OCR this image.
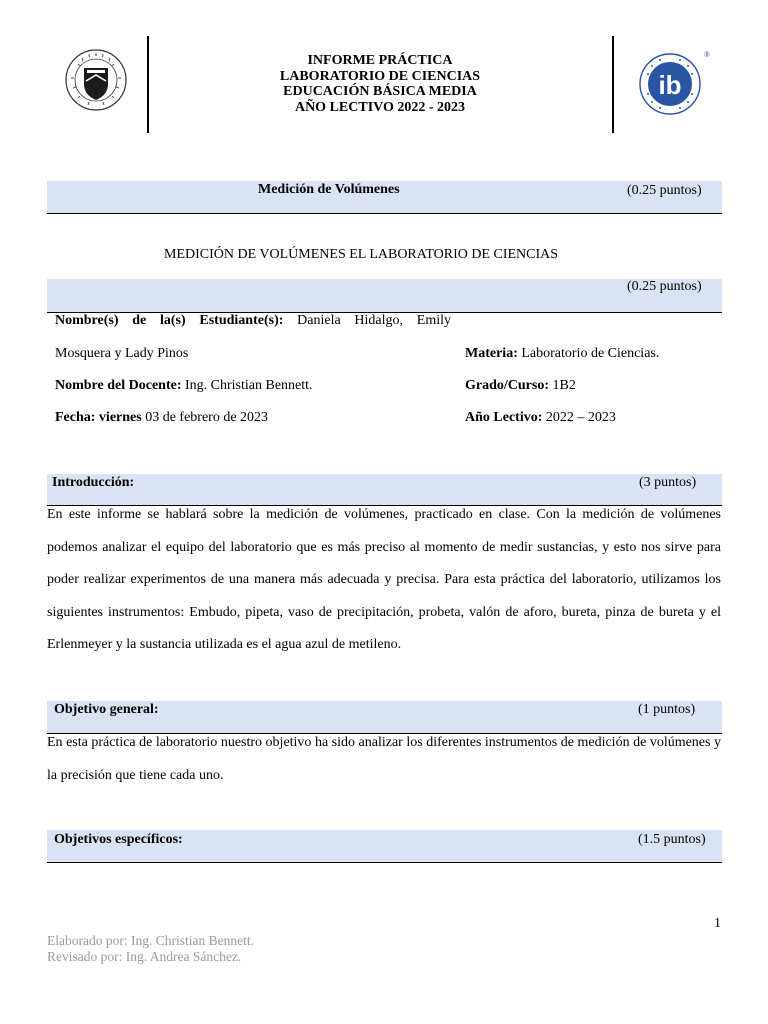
INFORME PRÁCTICA
LABORATORIO DE CIENCIAS
EDUCACIÓN BÁSICA MEDIA
AÑO LECTIVO 2022 - 2023
ib
®
Medición de Volúmenes	(0.25 puntos)
MEDICIÓN DE VOLÚMENES EL LABORATORIO DE CIENCIAS
(0.25 puntos)
Nombre(s) de la(s) Estudiante(s): Daniela Hidalgo, Emily
Mosquera y Lady Pinos
Nombre del Docente: Ing. Christian Bennett.
Fecha: viernes 03 de febrero de 2023
Materia: Laboratorio de Ciencias.
Grado/Curso: 1B2
Año Lectivo: 2022 – 2023
Introducción:	(3 puntos)
En este informe se hablará sobre la medición de volúmenes, practicado en clase. Con la medición de volúmenes podemos analizar el equipo del laboratorio que es más preciso al momento de medir sustancias, y esto nos sirve para poder realizar experimentos de una manera más adecuada y precisa. Para esta práctica del laboratorio, utilizamos los siguientes instrumentos: Embudo, pipeta, vaso de precipitación, probeta, valón de aforo, bureta, pinza de bureta y el Erlenmeyer y la sustancia utilizada es el agua azul de metileno.
Objetivo general:	(1 puntos)
En esta práctica de laboratorio nuestro objetivo ha sido analizar los diferentes instrumentos de medición de volúmenes y la precisión que tiene cada uno.
Objetivos específicos:	(1.5 puntos)
1
Elaborado por: Ing. Christian Bennett.
Revisado por: Ing. Andrea Sánchez.
